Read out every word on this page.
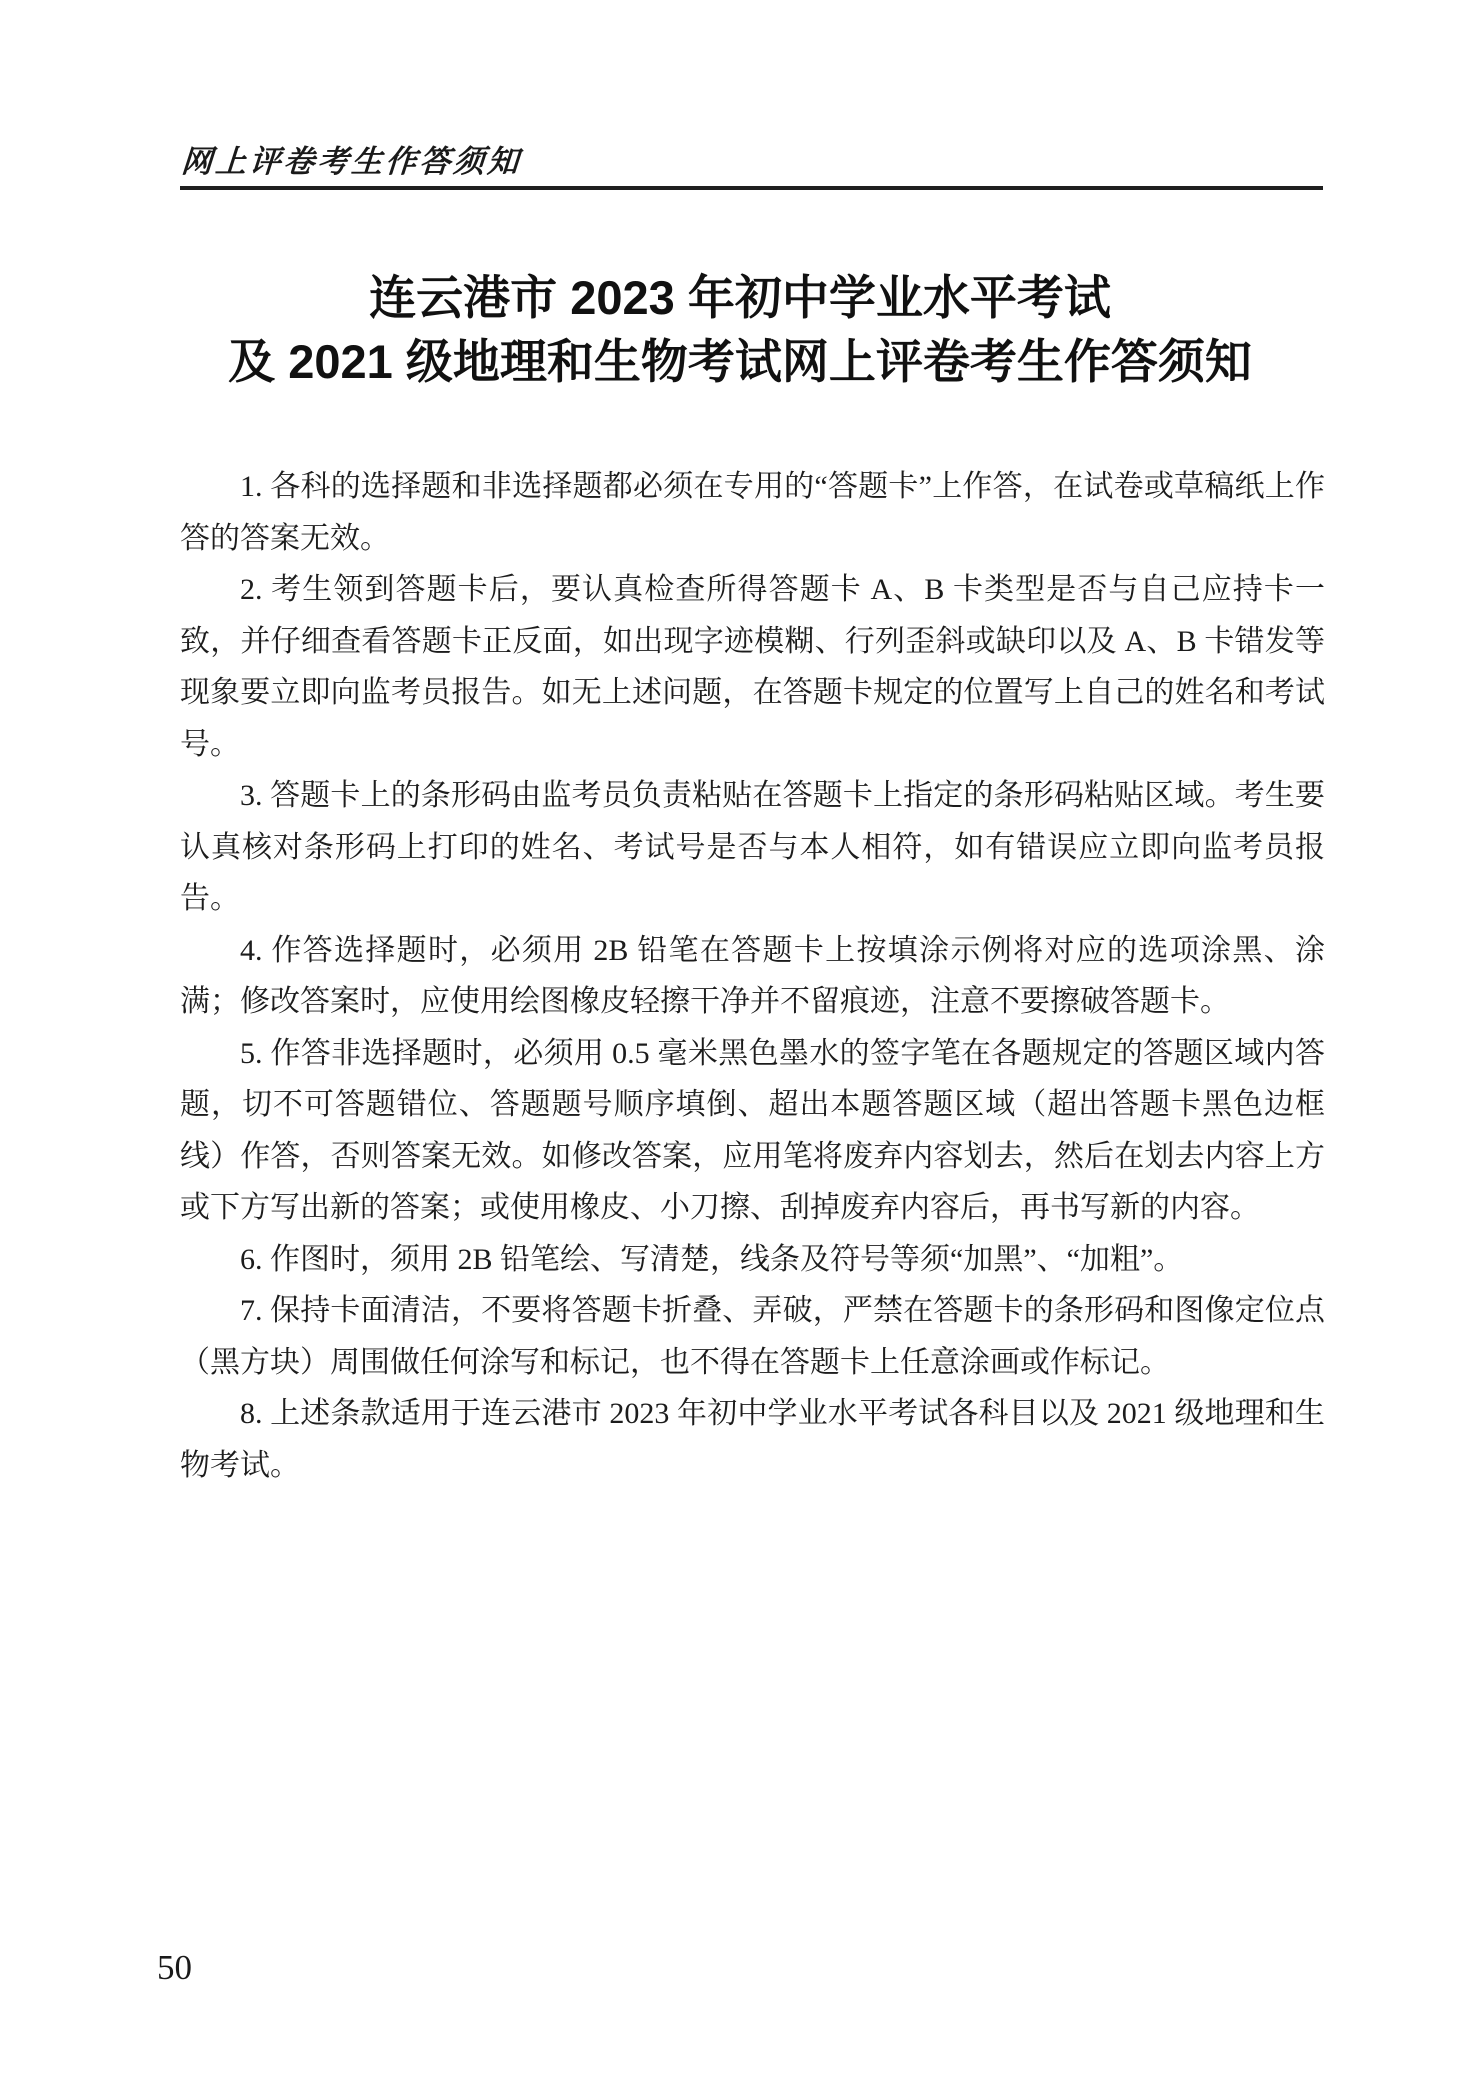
网上评卷考生作答须知
连云港市 2023 年初中学业水平考试
及 2021 级地理和生物考试网上评卷考生作答须知

1. 各科的选择题和非选择题都必须在专用的“答题卡”上作答，在试卷或草稿纸上作答的答案无效。

2. 考生领到答题卡后，要认真检查所得答题卡 A、B 卡类型是否与自己应持卡一致，并仔细查看答题卡正反面，如出现字迹模糊、行列歪斜或缺印以及 A、B 卡错发等现象要立即向监考员报告。如无上述问题，在答题卡规定的位置写上自己的姓名和考试号。

3. 答题卡上的条形码由监考员负责粘贴在答题卡上指定的条形码粘贴区域。考生要认真核对条形码上打印的姓名、考试号是否与本人相符，如有错误应立即向监考员报告。

4. 作答选择题时，必须用 2B 铅笔在答题卡上按填涂示例将对应的选项涂黑、涂满；修改答案时，应使用绘图橡皮轻擦干净并不留痕迹，注意不要擦破答题卡。

5. 作答非选择题时，必须用 0.5 毫米黑色墨水的签字笔在各题规定的答题区域内答题，切不可答题错位、答题题号顺序填倒、超出本题答题区域（超出答题卡黑色边框线）作答，否则答案无效。如修改答案，应用笔将废弃内容划去，然后在划去内容上方或下方写出新的答案；或使用橡皮、小刀擦、刮掉废弃内容后，再书写新的内容。

6. 作图时，须用 2B 铅笔绘、写清楚，线条及符号等须“加黑”、“加粗”。

7. 保持卡面清洁，不要将答题卡折叠、弄破，严禁在答题卡的条形码和图像定位点（黑方块）周围做任何涂写和标记，也不得在答题卡上任意涂画或作标记。

8. 上述条款适用于连云港市 2023 年初中学业水平考试各科目以及 2021 级地理和生物考试。

50
